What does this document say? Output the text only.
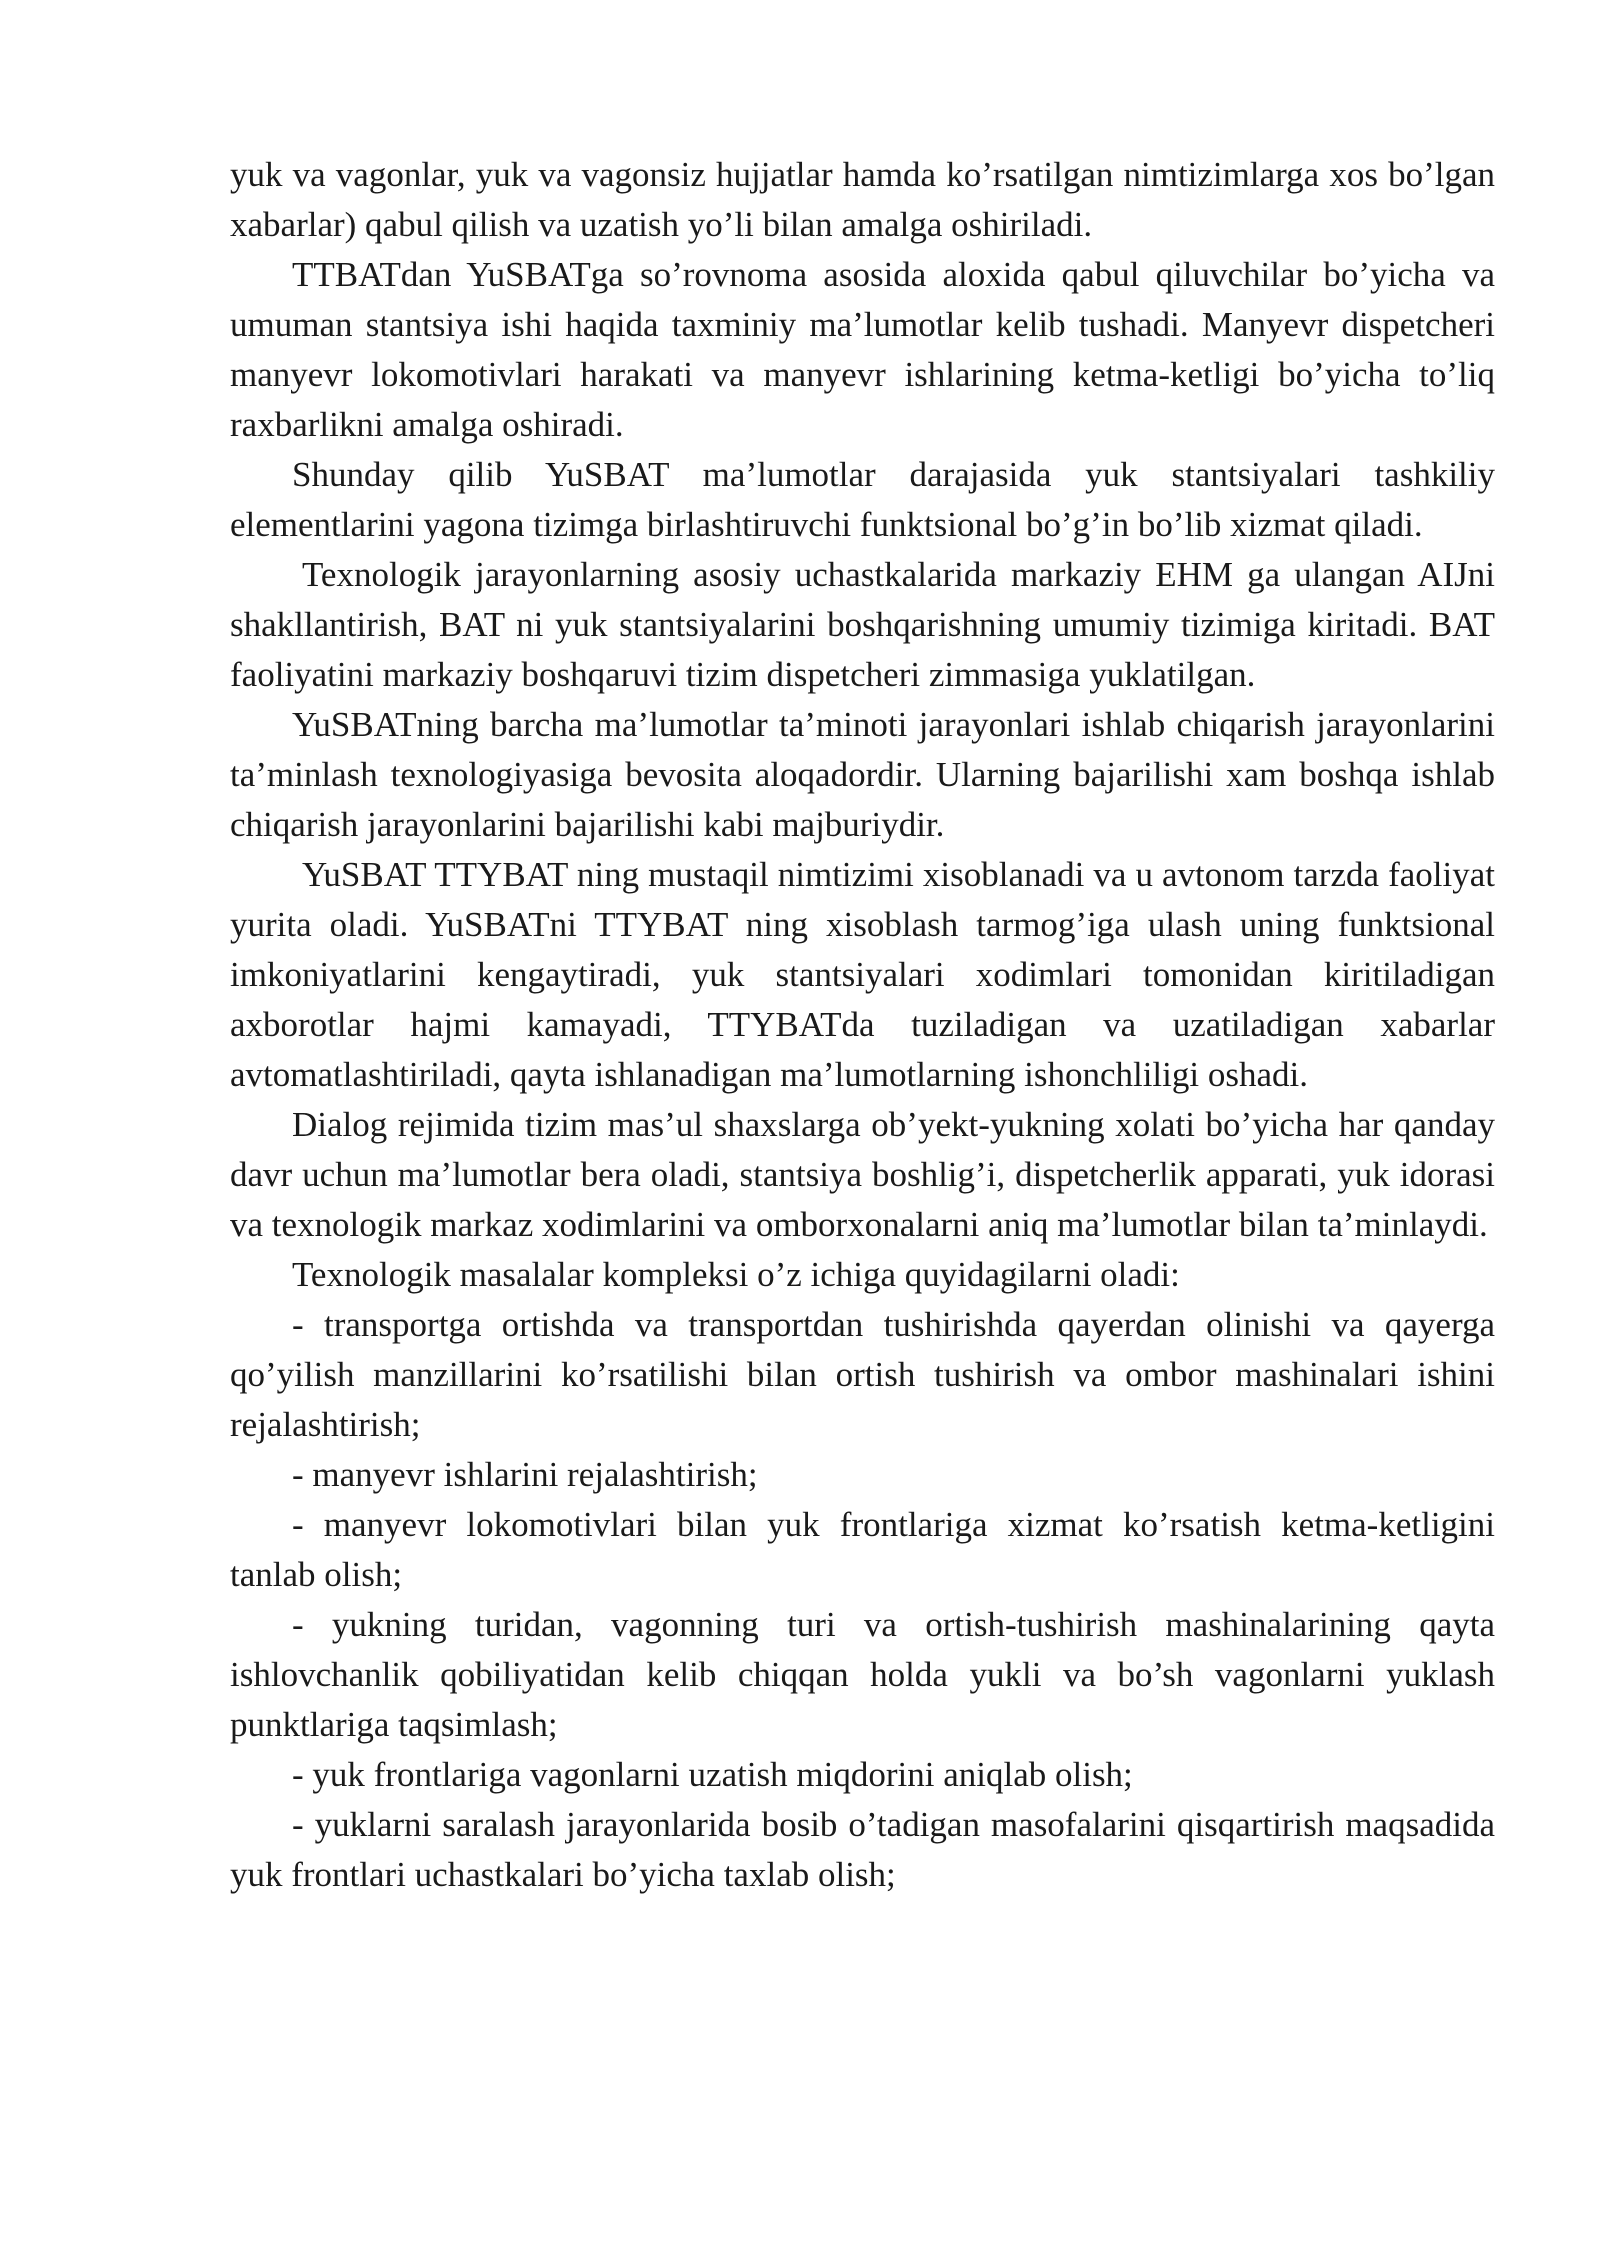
yuk va vagonlar, yuk va vagonsiz hujjatlar hamda ko’rsatilgan nimtizimlarga xos bo’lgan xabarlar) qabul qilish va uzatish yo’li bilan amalga oshiriladi.

TTBATdan YuSBATga so’rovnoma asosida aloxida qabul qiluvchilar bo’yicha va umuman stantsiya ishi haqida taxminiy ma’lumotlar kelib tushadi. Manyevr dispetcheri manyevr lokomotivlari harakati va manyevr ishlarining ketma-ketligi bo’yicha to’liq raxbarlikni amalga oshiradi.

Shunday qilib YuSBAT ma’lumotlar darajasida yuk stantsiyalari tashkiliy elementlarini yagona tizimga birlashtiruvchi funktsional bo’g’in bo’lib xizmat qiladi.

Texnologik jarayonlarning asosiy uchastkalarida markaziy EHM ga ulangan AIJni shakllantirish, BAT ni yuk stantsiyalarini boshqarishning umumiy tizimiga kiritadi. BAT faoliyatini markaziy boshqaruvi tizim dispetcheri zimmasiga yuklatilgan.

YuSBATning barcha ma’lumotlar ta’minoti jarayonlari ishlab chiqarish jarayonlarini ta’minlash texnologiyasiga bevosita aloqadordir. Ularning bajarilishi xam boshqa ishlab chiqarish jarayonlarini bajarilishi kabi majburiydir.

YuSBAT TTYBAT ning mustaqil nimtizimi xisoblanadi va u avtonom tarzda faoliyat yurita oladi. YuSBATni TTYBAT ning xisoblash tarmog’iga ulash uning funktsional imkoniyatlarini kengaytiradi, yuk stantsiyalari xodimlari tomonidan kiritiladigan axborotlar hajmi kamayadi, TTYBATda tuziladigan va uzatiladigan xabarlar avtomatlashtiriladi, qayta ishlanadigan ma’lumotlarning ishonchliligi oshadi.

Dialog rejimida tizim mas’ul shaxslarga ob’yekt-yukning xolati bo’yicha har qanday davr uchun ma’lumotlar bera oladi, stantsiya boshlig’i, dispetcherlik apparati, yuk idorasi va texnologik markaz xodimlarini va omborxonalarni aniq ma’lumotlar bilan ta’minlaydi.

Texnologik masalalar kompleksi o’z ichiga quyidagilarni oladi:

- transportga ortishda va transportdan tushirishda qayerdan olinishi va qayerga qo’yilish manzillarini ko’rsatilishi bilan ortish tushirish va ombor mashinalari ishini rejalashtirish;

- manyevr ishlarini rejalashtirish;

- manyevr lokomotivlari bilan yuk frontlariga xizmat ko’rsatish ketma-ketligini tanlab olish;

- yukning turidan, vagonning turi va ortish-tushirish mashinalarining qayta ishlovchanlik qobiliyatidan kelib chiqqan holda yukli va bo’sh vagonlarni yuklash punktlariga taqsimlash;

- yuk frontlariga vagonlarni uzatish miqdorini aniqlab olish;

- yuklarni saralash jarayonlarida bosib o’tadigan masofalarini qisqartirish maqsadida yuk frontlari uchastkalari bo’yicha taxlab olish;
